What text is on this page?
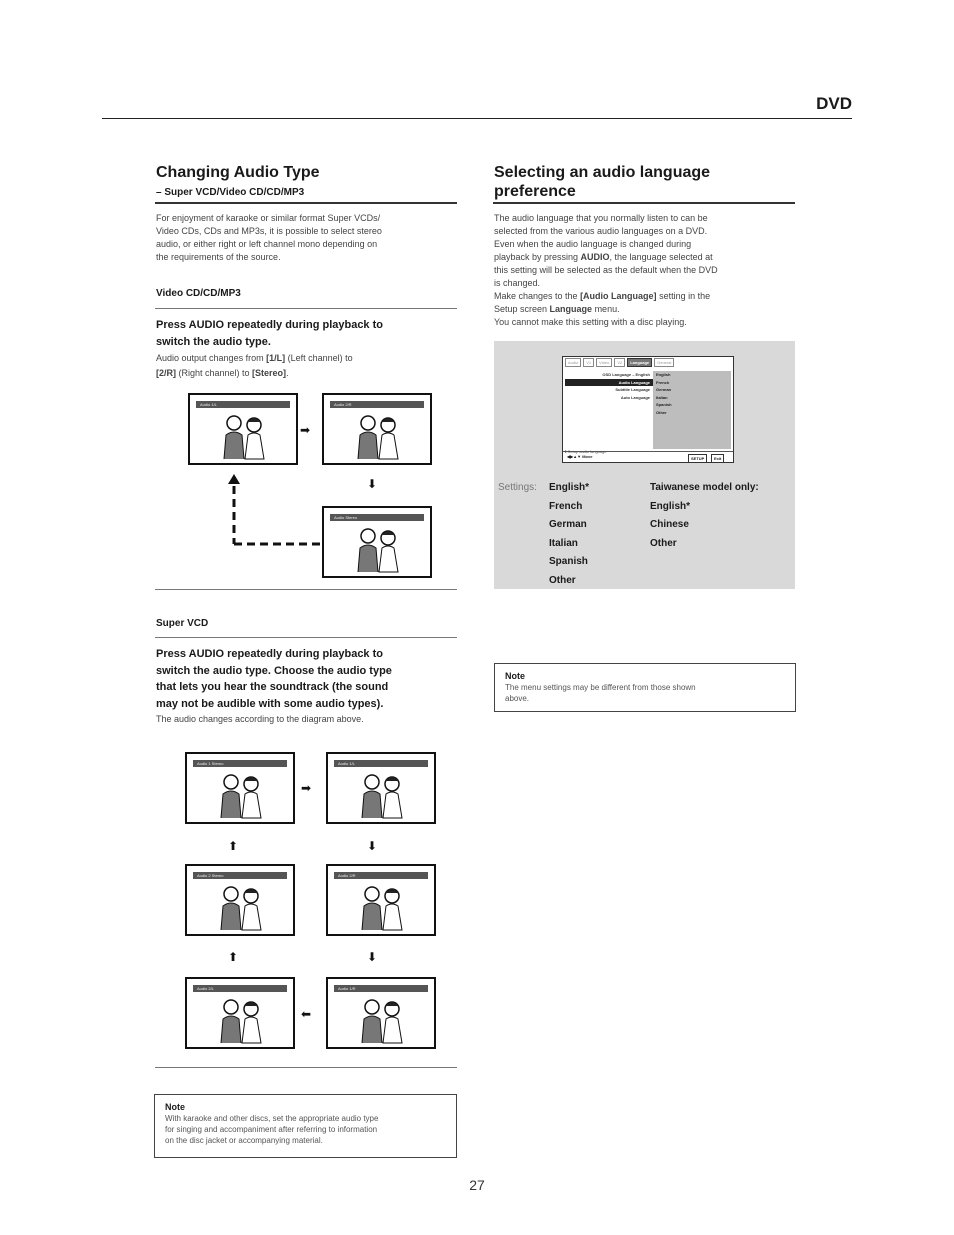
DVD
Changing Audio Type
– Super VCD/Video CD/CD/MP3
For enjoyment of karaoke or similar format Super VCDs/
Video CDs, CDs and MP3s, it is possible to select stereo
audio, or either right or left channel mono depending on
the requirements of the source.
Video CD/CD/MP3
Press AUDIO repeatedly during playback to
switch the audio type.
Audio output changes from [1/L] (Left channel) to
[2/R] (Right channel) to [Stereo].
Audio 1/L
➡
Audio 2/R
⬇
Audio Stereo
Super VCD
Press AUDIO repeatedly during playback to
switch the audio type. Choose the audio type
that lets you hear the soundtrack (the sound
may not be audible with some audio types).
The audio changes according to the diagram above.
Audio 1 Stereo
➡
Audio 1/L
⬆	⬇
Audio 2 Stereo	Audio 2/R
⬆	⬇
Audio 2/L
⬅
Audio 1/R
Note
With karaoke and other discs, set the appropriate audio type
for singing and accompaniment after referring to information
on the disc jacket or accompanying material.
Selecting an audio language
preference
The audio language that you normally listen to can be
selected from the various audio languages on a DVD.
Even when the audio language is changed during
playback by pressing AUDIO, the language selected at
this setting will be selected as the default when the DVD
is changed.
Make changes to the [Audio Language] setting in the
Setup screen Language menu.
You cannot make this setting with a disc playing.
Audio	V1	Video	V2	Language	General
OSD Language – English
Audio Language
Subtitle Language
Auto Language
English
French
German
Italian
Spanish
Other
ℹ Setup audio language
◀▶▲▼ Move	SETUP	Exit
Settings: English*
French
German
Italian
Spanish
Other
Taiwanese model only:
English*
Chinese
Other
Note
The menu settings may be different from those shown
above.
27
